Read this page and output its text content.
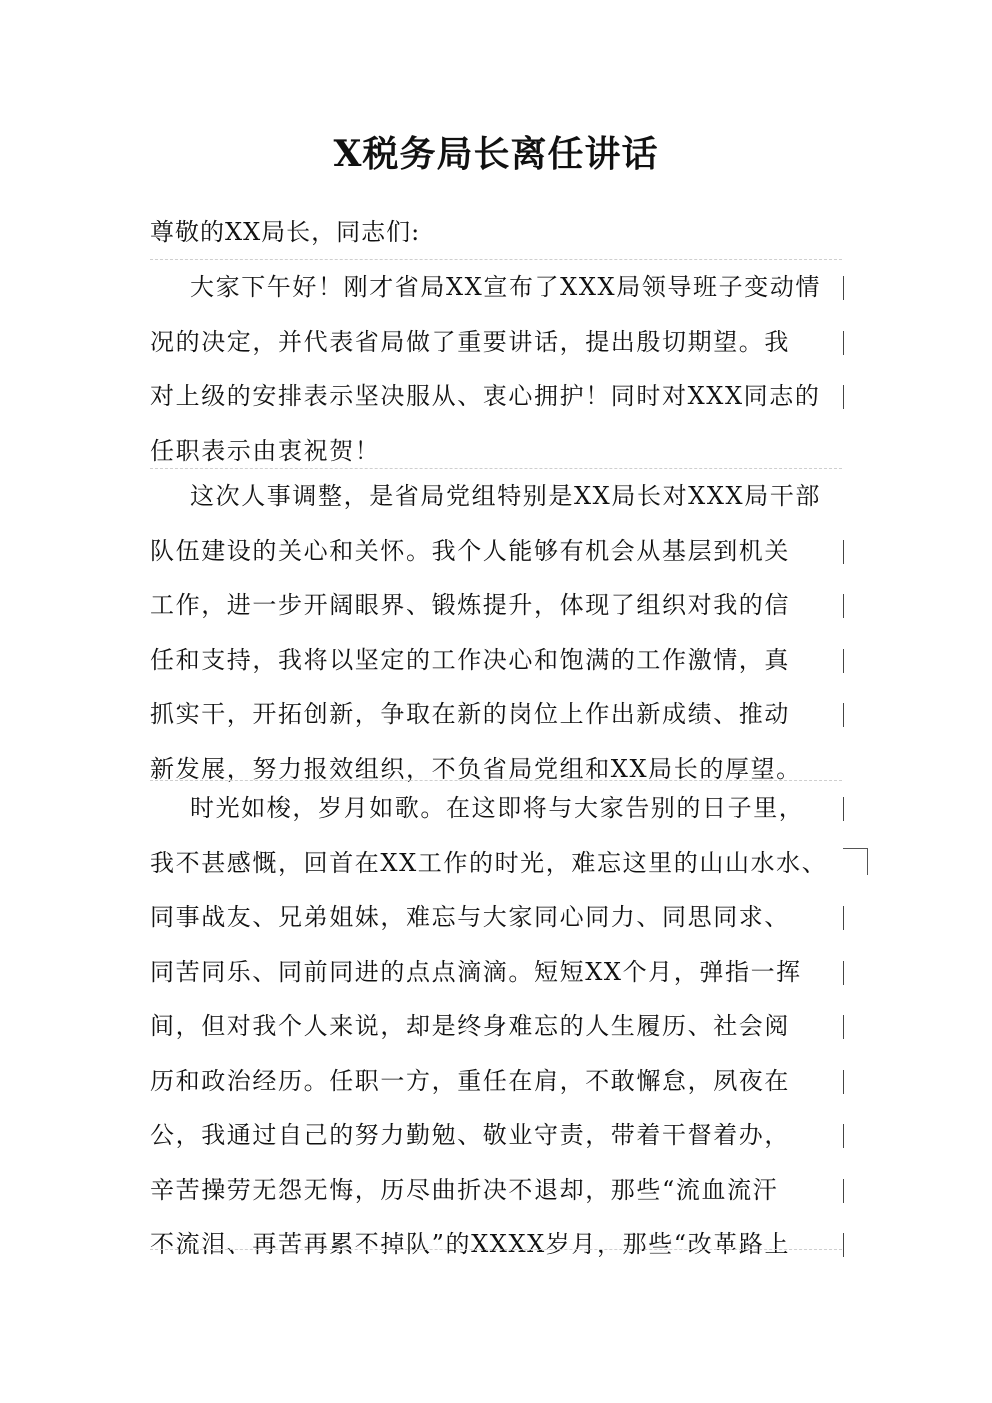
X税务局长离任讲话
尊敬的XX局长，同志们:
大家下午好！刚才省局XX宣布了XXX局领导班子变动情
况的决定，并代表省局做了重要讲话，提出殷切期望。我
对上级的安排表示坚决服从、衷心拥护！同时对XXX同志的
任职表示由衷祝贺！
这次人事调整，是省局党组特别是XX局长对XXX局干部
队伍建设的关心和关怀。我个人能够有机会从基层到机关
工作，进一步开阔眼界、锻炼提升，体现了组织对我的信
任和支持，我将以坚定的工作决心和饱满的工作激情，真
抓实干，开拓创新，争取在新的岗位上作出新成绩、推动
新发展，努力报效组织，不负省局党组和XX局长的厚望。
时光如梭，岁月如歌。在这即将与大家告别的日子里，
我不甚感慨，回首在XX工作的时光，难忘这里的山山水水、
同事战友、兄弟姐妹，难忘与大家同心同力、同思同求、
同苦同乐、同前同进的点点滴滴。短短XX个月，弹指一挥
间，但对我个人来说，却是终身难忘的人生履历、社会阅
历和政治经历。任职一方，重任在肩，不敢懈怠，夙夜在
公，我通过自己的努力勤勉、敬业守责，带着干督着办，
辛苦操劳无怨无悔，历尽曲折决不退却，那些“流血流汗
不流泪、再苦再累不掉队”的XXXX岁月，那些“改革路上
